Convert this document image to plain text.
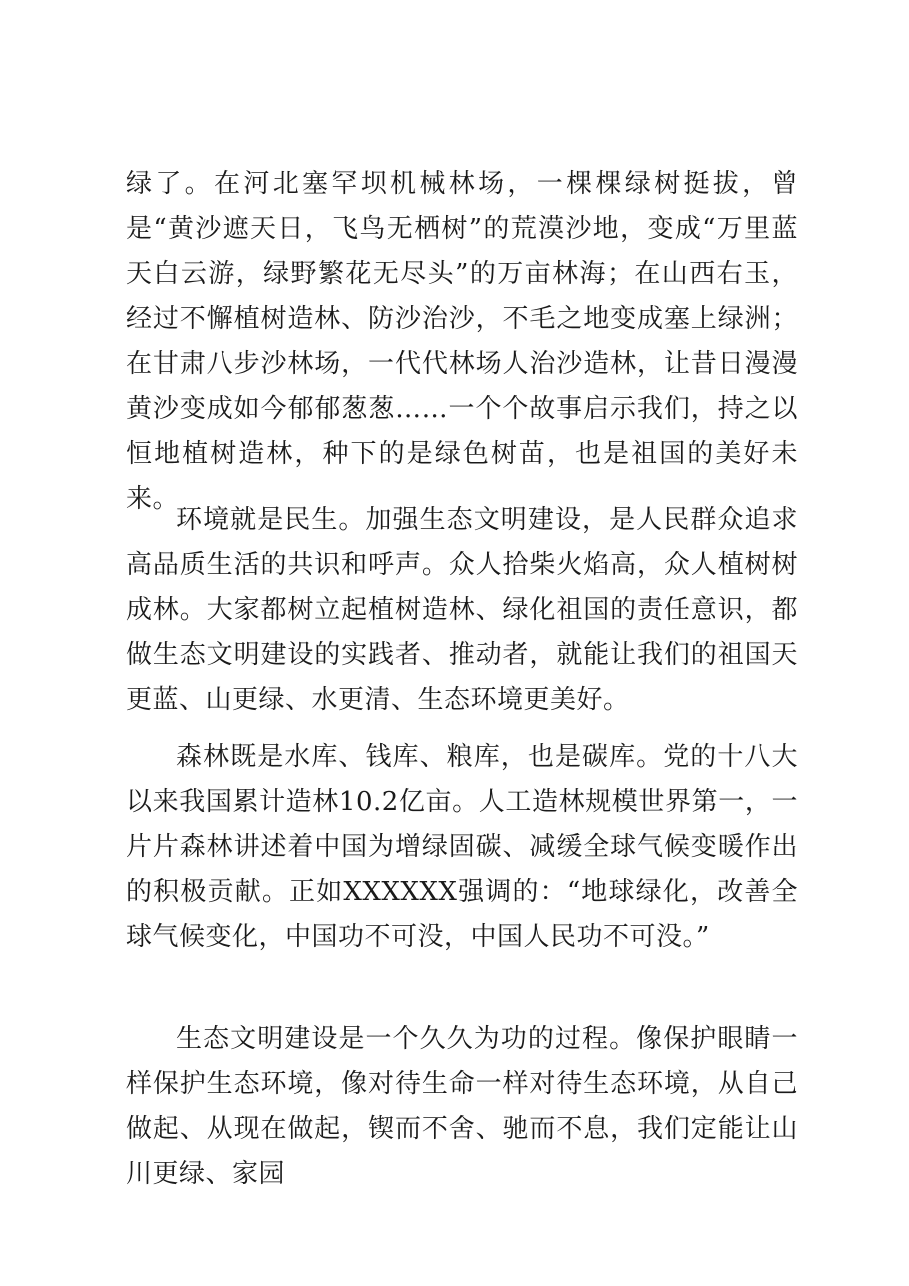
绿了。在河北塞罕坝机械林场，一棵棵绿树挺拔，曾是“黄沙遮天日，飞鸟无栖树”的荒漠沙地，变成“万里蓝天白云游，绿野繁花无尽头”的万亩林海；在山西右玉，经过不懈植树造林、防沙治沙，不毛之地变成塞上绿洲；在甘肃八步沙林场，一代代林场人治沙造林，让昔日漫漫黄沙变成如今郁郁葱葱……一个个故事启示我们，持之以恒地植树造林，种下的是绿色树苗，也是祖国的美好未来。

环境就是民生。加强生态文明建设，是人民群众追求高品质生活的共识和呼声。众人拾柴火焰高，众人植树树成林。大家都树立起植树造林、绿化祖国的责任意识，都做生态文明建设的实践者、推动者，就能让我们的祖国天更蓝、山更绿、水更清、生态环境更美好。

森林既是水库、钱库、粮库，也是碳库。党的十八大以来我国累计造林10.2亿亩。人工造林规模世界第一，一片片森林讲述着中国为增绿固碳、减缓全球气候变暖作出的积极贡献。正如XXXXXX强调的：“地球绿化，改善全球气候变化，中国功不可没，中国人民功不可没。”

生态文明建设是一个久久为功的过程。像保护眼睛一样保护生态环境，像对待生命一样对待生态环境，从自己做起、从现在做起，锲而不舍、驰而不息，我们定能让山川更绿、家园
